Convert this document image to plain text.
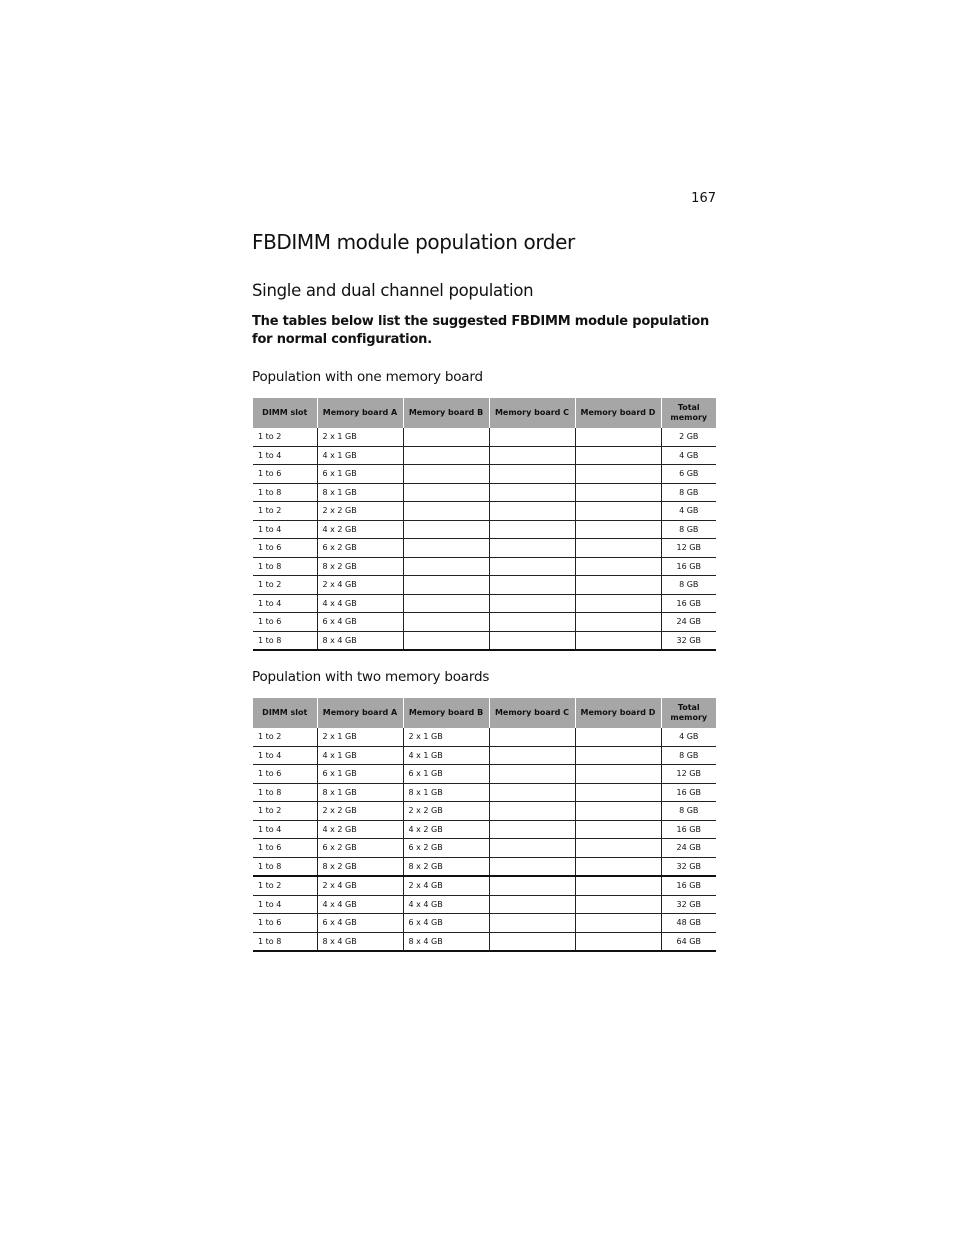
167
FBDIMM module population order
Single and dual channel population

The tables below list the suggested FBDIMM module population for normal configuration.

Population with one memory board
DIMM slot	Memory board A	Memory board B	Memory board C	Memory board D	Total memory
1 to 2	2 x 1 GB				2 GB
1 to 4	4 x 1 GB				4 GB
1 to 6	6 x 1 GB				6 GB
1 to 8	8 x 1 GB				8 GB
1 to 2	2 x 2 GB				4 GB
1 to 4	4 x 2 GB				8 GB
1 to 6	6 x 2 GB				12 GB
1 to 8	8 x 2 GB				16 GB
1 to 2	2 x 4 GB				8 GB
1 to 4	4 x 4 GB				16 GB
1 to 6	6 x 4 GB				24 GB
1 to 8	8 x 4 GB				32 GB
Population with two memory boards
DIMM slot	Memory board A	Memory board B	Memory board C	Memory board D	Total memory
1 to 2	2 x 1 GB	2 x 1 GB			4 GB
1 to 4	4 x 1 GB	4 x 1 GB			8 GB
1 to 6	6 x 1 GB	6 x 1 GB			12 GB
1 to 8	8 x 1 GB	8 x 1 GB			16 GB
1 to 2	2 x 2 GB	2 x 2 GB			8 GB
1 to 4	4 x 2 GB	4 x 2 GB			16 GB
1 to 6	6 x 2 GB	6 x 2 GB			24 GB
1 to 8	8 x 2 GB	8 x 2 GB			32 GB
1 to 2	2 x 4 GB	2 x 4 GB			16 GB
1 to 4	4 x 4 GB	4 x 4 GB			32 GB
1 to 6	6 x 4 GB	6 x 4 GB			48 GB
1 to 8	8 x 4 GB	8 x 4 GB			64 GB
